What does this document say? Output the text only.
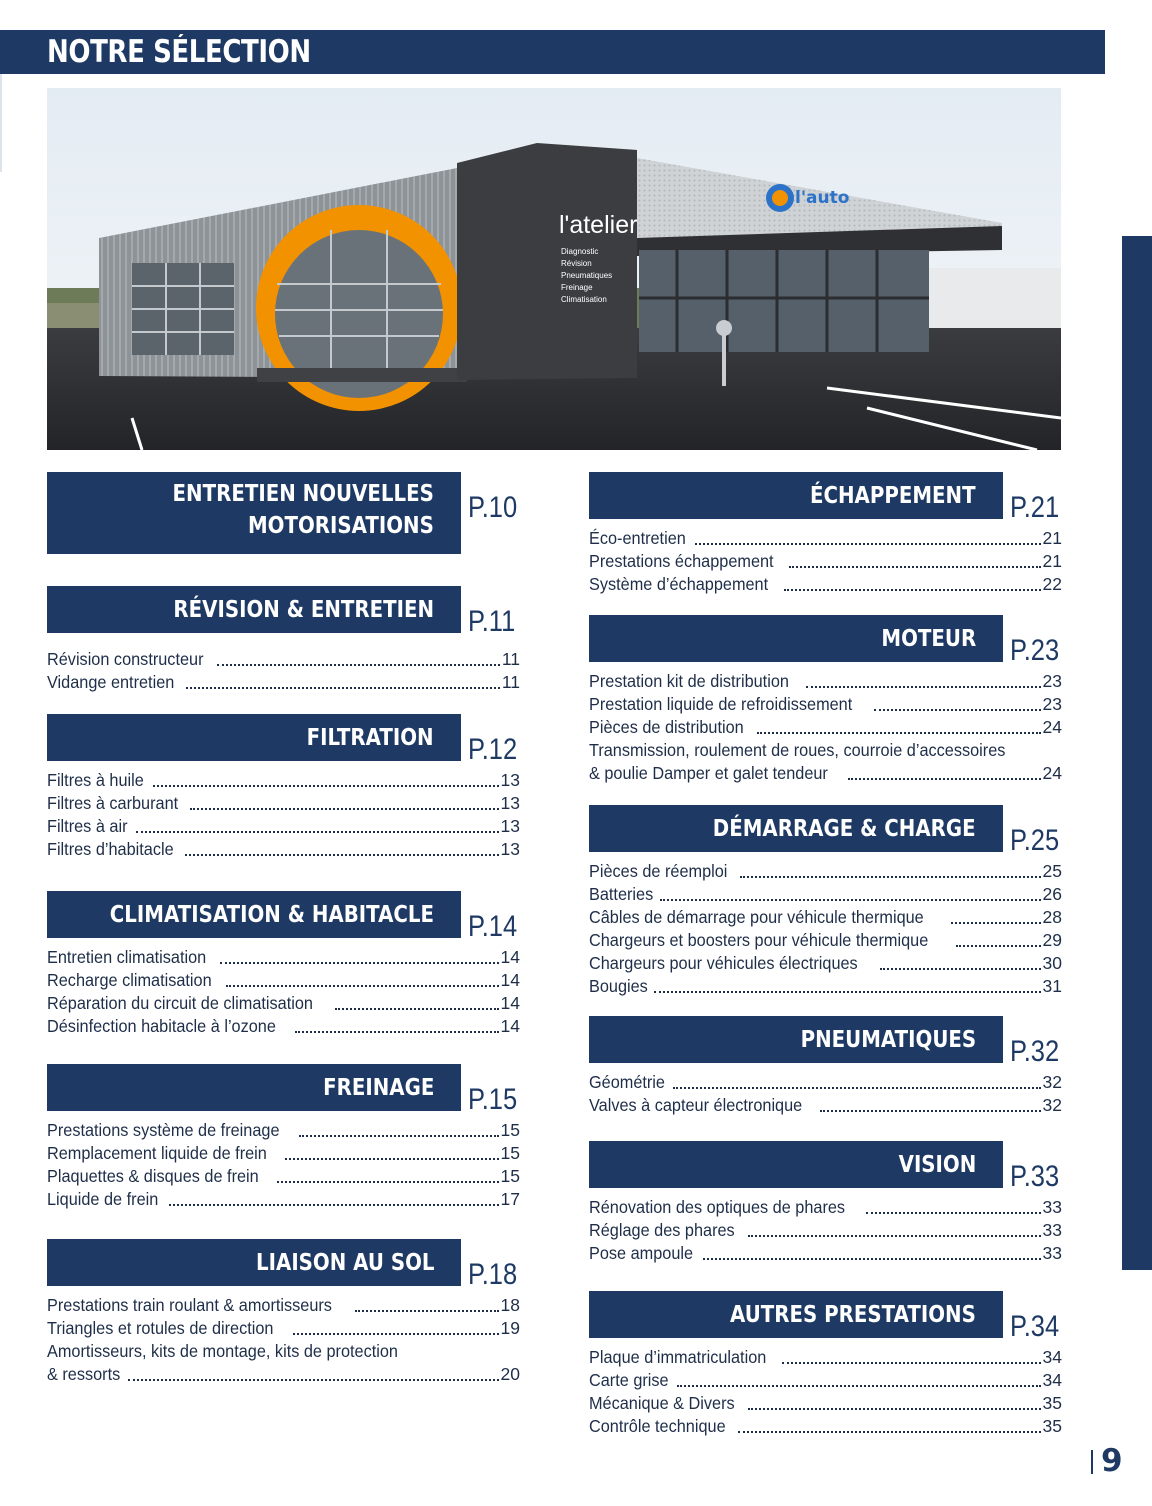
NOTRE SÉLECTION
l'atelier
Diagnostic
Révision
Pneumatiques
Freinage
Climatisation
l'auto
ENTRETIEN NOUVELLES
MOTORISATIONS
P.10
RÉVISION & ENTRETIEN P.11
Révision constructeur	11
Vidange entretien	11
FILTRATION P.12
Filtres à huile	13
Filtres à carburant	13
Filtres à air	13
Filtres d’habitacle	13
CLIMATISATION & HABITACLE P.14
Entretien climatisation	14
Recharge climatisation	14
Réparation du circuit de climatisation	14
Désinfection habitacle à l’ozone	14
FREINAGE P.15
Prestations système de freinage	15
Remplacement liquide de frein	15
Plaquettes & disques de frein	15
Liquide de frein	17
LIAISON AU SOL P.18
Prestations train roulant & amortisseurs	18
Triangles et rotules de direction	19
Amortisseurs, kits de montage, kits de protection
& ressorts	20
ÉCHAPPEMENT P.21
Éco-entretien	21
Prestations échappement	21
Système d’échappement	22
MOTEUR P.23
Prestation kit de distribution	23
Prestation liquide de refroidissement	23
Pièces de distribution	24
Transmission, roulement de roues, courroie d’accessoires
& poulie Damper et galet tendeur	24
DÉMARRAGE & CHARGE P.25
Pièces de réemploi	25
Batteries	26
Câbles de démarrage pour véhicule thermique	28
Chargeurs et boosters pour véhicule thermique	29
Chargeurs pour véhicules électriques	30
Bougies	31
PNEUMATIQUES P.32
Géométrie	32
Valves à capteur électronique	32
VISION P.33
Rénovation des optiques de phares	33
Réglage des phares	33
Pose ampoule	33
AUTRES PRESTATIONS P.34
Plaque d’immatriculation	34
Carte grise	34
Mécanique & Divers	35
Contrôle technique	35
9
